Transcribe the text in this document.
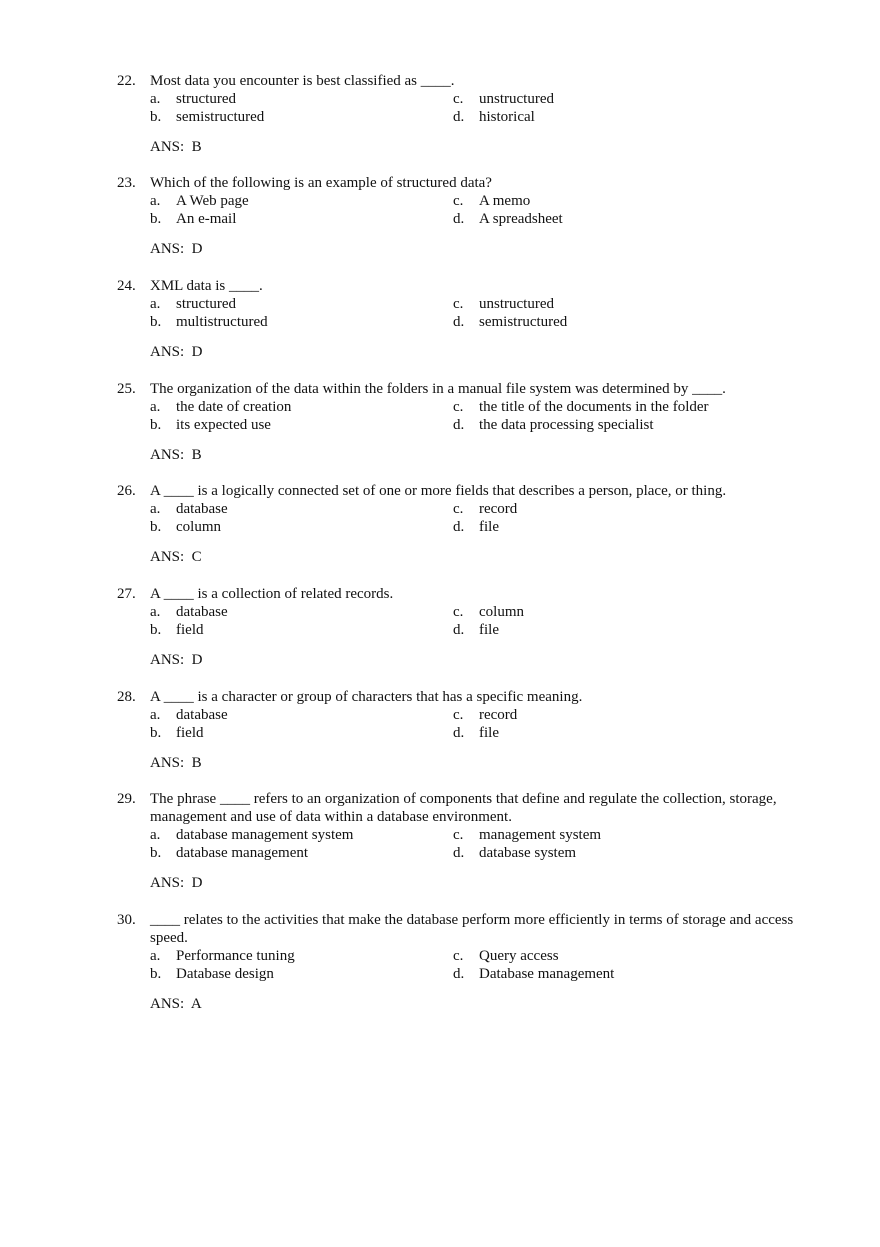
22. Most data you encounter is best classified as ____.
a.	structured
b. semistructured
c.	unstructured
d. historical
ANS:  B
23. Which of the following is an example of structured data?
a.	A Web page
b. An e-mail
c.	A memo
d. A spreadsheet
ANS:  D
24. XML data is ____.
a.	structured
b. multistructured
c.	unstructured
d. semistructured
ANS:  D
25. The organization of the data within the folders in a manual file system was determined by ____.
a.	the date of creation
b. its expected use
c.	the title of the documents in the folder
d. the data processing specialist
ANS:  B
26. A ____ is a logically connected set of one or more fields that describes a person, place, or thing.
a.	database
b. column
c.	record
d. file
ANS:  C
27. A ____ is a collection of related records.
a.	database
b. field
c.	column
d. file
ANS:  D
28. A ____ is a character or group of characters that has a specific meaning.
a.	database
b. field
c.	record
d. file
ANS:  B
29. The phrase ____ refers to an organization of components that define and regulate the collection, storage, management and use of data within a database environment.
a.	database management system
b. database management
c.	management system
d. database system
ANS:  D
30. ____ relates to the activities that make the database perform more efficiently in terms of storage and access speed.
a.	Performance tuning
b. Database design
c.	Query access
d. Database management
ANS:  A
